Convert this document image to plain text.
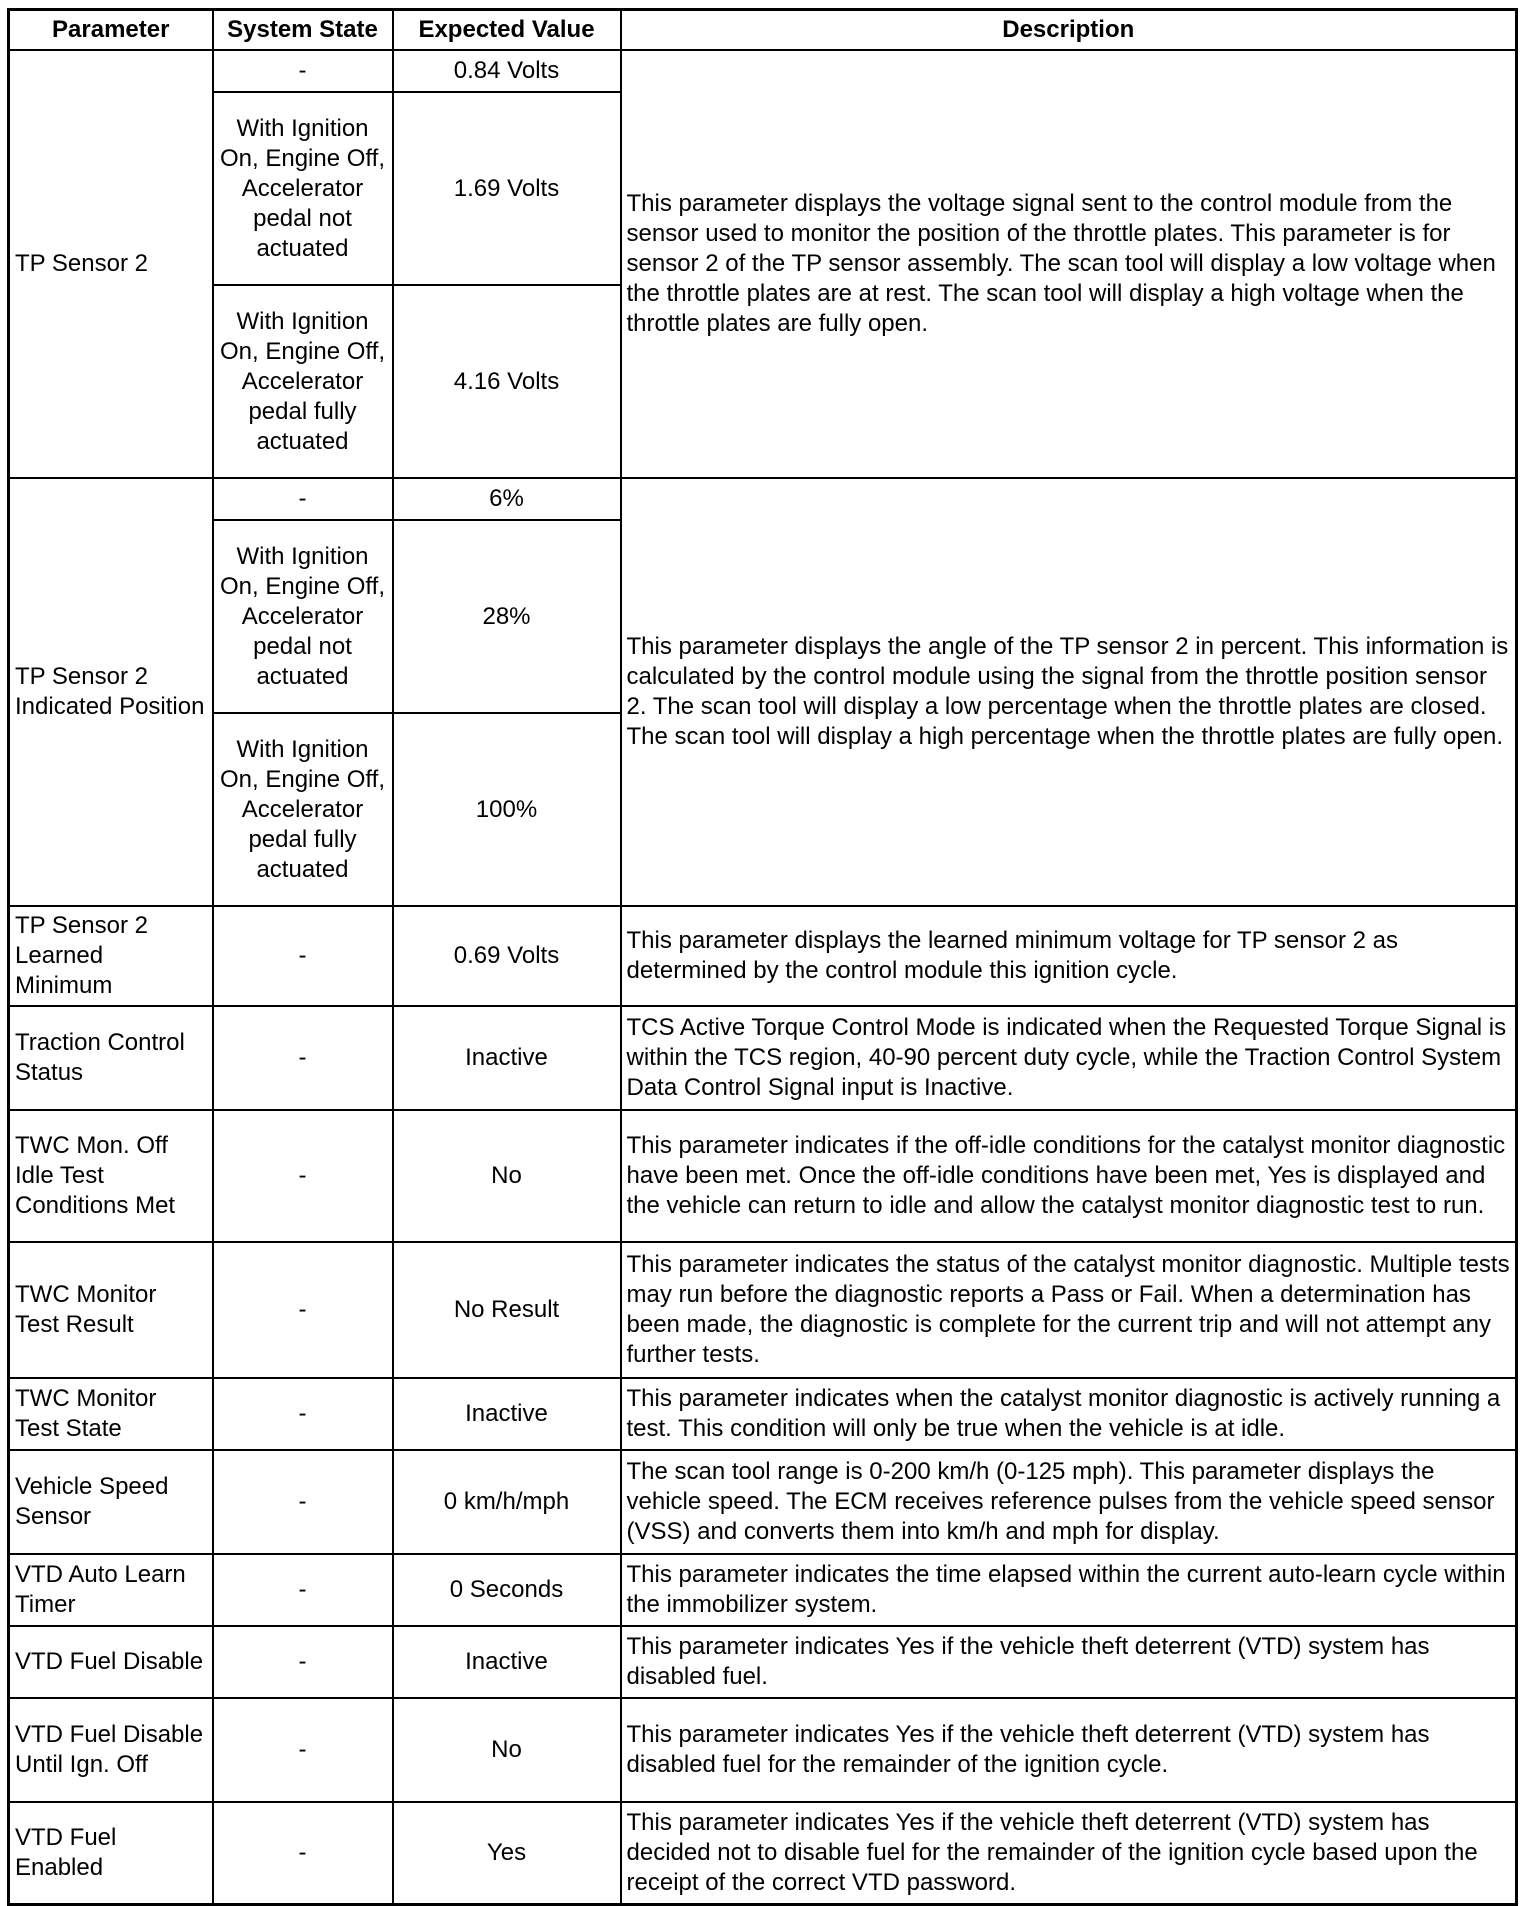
Parameter	System State	Expected Value	Description
TP Sensor 2	-	0.84 Volts	This parameter displays the voltage signal sent to the control module from the sensor used to monitor the position of the throttle plates. This parameter is for sensor 2 of the TP sensor assembly. The scan tool will display a low voltage when the throttle plates are at rest. The scan tool will display a high voltage when the throttle plates are fully open.
	With Ignition On, Engine Off, Accelerator pedal not actuated	1.69 Volts	
	With Ignition On, Engine Off, Accelerator pedal fully actuated	4.16 Volts	
TP Sensor 2 Indicated Position	-	6%	This parameter displays the angle of the TP sensor 2 in percent. This information is calculated by the control module using the signal from the throttle position sensor 2. The scan tool will display a low percentage when the throttle plates are closed. The scan tool will display a high percentage when the throttle plates are fully open.
	With Ignition On, Engine Off, Accelerator pedal not actuated	28%	
	With Ignition On, Engine Off, Accelerator pedal fully actuated	100%	
TP Sensor 2 Learned Minimum	-	0.69 Volts	This parameter displays the learned minimum voltage for TP sensor 2 as determined by the control module this ignition cycle.
Traction Control Status	-	Inactive	TCS Active Torque Control Mode is indicated when the Requested Torque Signal is within the TCS region, 40-90 percent duty cycle, while the Traction Control System Data Control Signal input is Inactive.
TWC Mon. Off Idle Test Conditions Met	-	No	This parameter indicates if the off-idle conditions for the catalyst monitor diagnostic have been met. Once the off-idle conditions have been met, Yes is displayed and the vehicle can return to idle and allow the catalyst monitor diagnostic test to run.
TWC Monitor Test Result	-	No Result	This parameter indicates the status of the catalyst monitor diagnostic. Multiple tests may run before the diagnostic reports a Pass or Fail. When a determination has been made, the diagnostic is complete for the current trip and will not attempt any further tests.
TWC Monitor Test State	-	Inactive	This parameter indicates when the catalyst monitor diagnostic is actively running a test. This condition will only be true when the vehicle is at idle.
Vehicle Speed Sensor	-	0 km/h/mph	The scan tool range is 0-200 km/h (0-125 mph). This parameter displays the vehicle speed. The ECM receives reference pulses from the vehicle speed sensor (VSS) and converts them into km/h and mph for display.
VTD Auto Learn Timer	-	0 Seconds	This parameter indicates the time elapsed within the current auto-learn cycle within the immobilizer system.
VTD Fuel Disable	-	Inactive	This parameter indicates Yes if the vehicle theft deterrent (VTD) system has disabled fuel.
VTD Fuel Disable Until Ign. Off	-	No	This parameter indicates Yes if the vehicle theft deterrent (VTD) system has disabled fuel for the remainder of the ignition cycle.
VTD Fuel Enabled	-	Yes	This parameter indicates Yes if the vehicle theft deterrent (VTD) system has decided not to disable fuel for the remainder of the ignition cycle based upon the receipt of the correct VTD password.
